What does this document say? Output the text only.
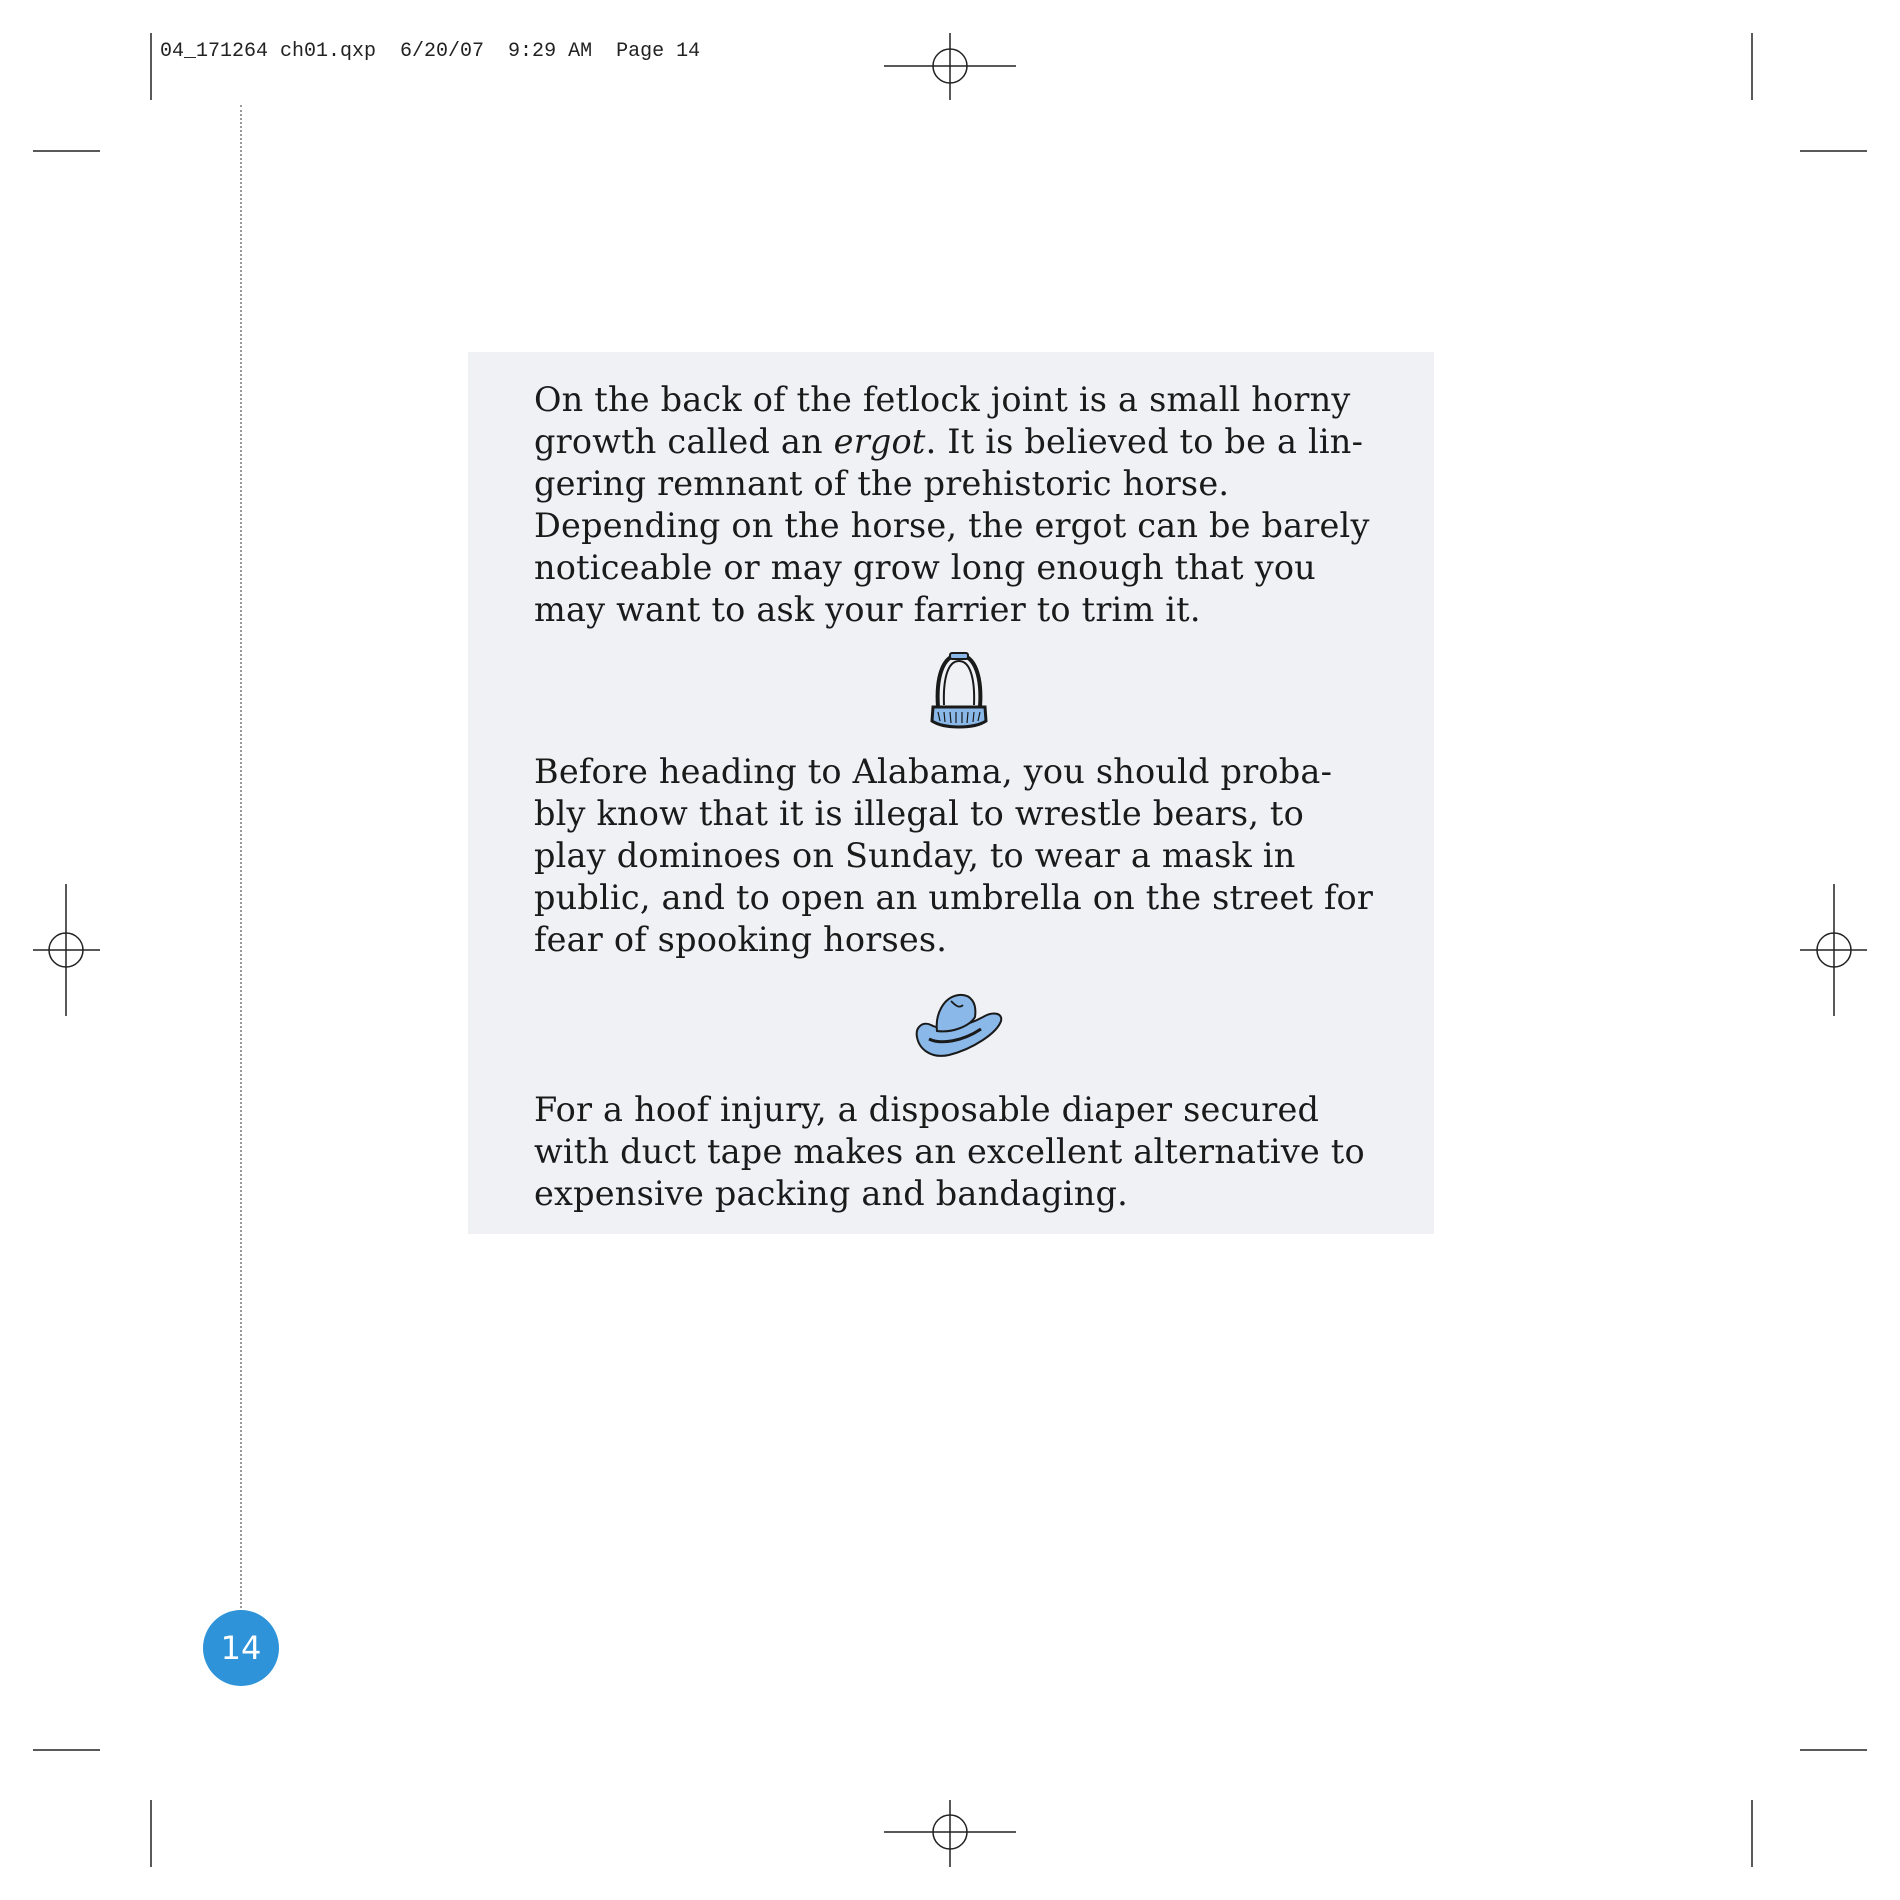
04_171264 ch01.qxp  6/20/07  9:29 AM  Page 14
14

On the back of the fetlock joint is a small horny growth called an ergot. It is believed to be a lin- gering remnant of the prehistoric horse. Depending on the horse, the ergot can be barely noticeable or may grow long enough that you may want to ask your farrier to trim it.

Before heading to Alabama, you should proba- bly know that it is illegal to wrestle bears, to play dominoes on Sunday, to wear a mask in public, and to open an umbrella on the street for fear of spooking horses.

For a hoof injury, a disposable diaper secured with duct tape makes an excellent alternative to expensive packing and bandaging.
